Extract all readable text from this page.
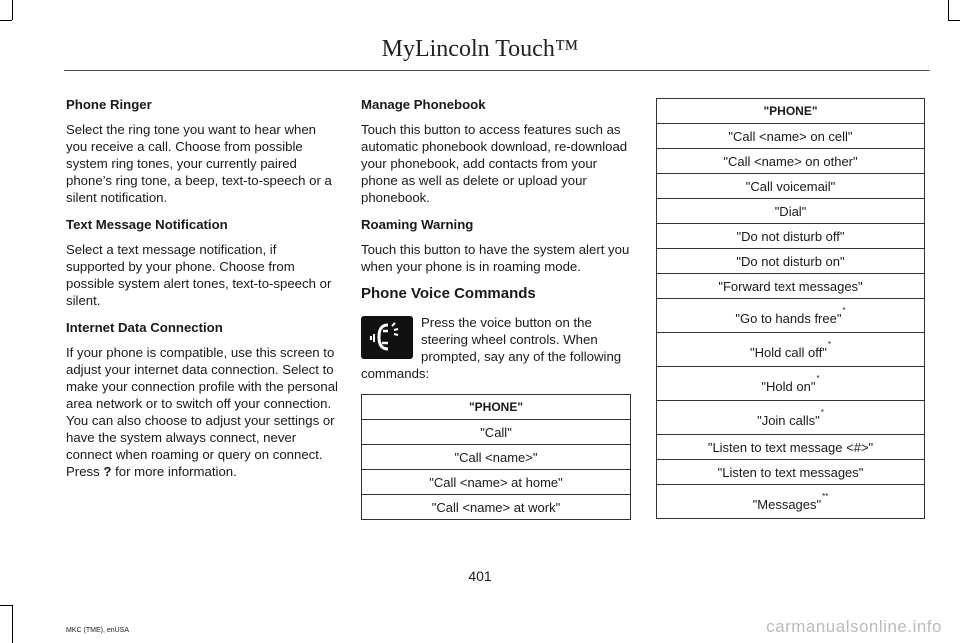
MyLincoln Touch™
Phone Ringer

Select the ring tone you want to hear when you receive a call. Choose from possible system ring tones, your currently paired phone’s ring tone, a beep, text-to-speech or a silent notification.

Text Message Notification

Select a text message notification, if supported by your phone. Choose from possible system alert tones, text-to-speech or silent.

Internet Data Connection

If your phone is compatible, use this screen to adjust your internet data connection. Select to make your connection profile with the personal area network or to switch off your connection. You can also choose to adjust your settings or have the system always connect, never connect when roaming or query on connect. Press ? for more information.

Manage Phonebook

Touch this button to access features such as automatic phonebook download, re-download your phonebook, add contacts from your phone as well as delete or upload your phonebook.

Roaming Warning

Touch this button to have the system alert you when your phone is in roaming mode.

Phone Voice Commands
Press the voice button on the steering wheel controls. When prompted, say any of the following
commands:
"PHONE"
"Call"
"Call <name>"
"Call <name> at home"
"Call <name> at work"
"PHONE"
"Call <name> on cell"
"Call <name> on other"
"Call voicemail"
"Dial"
"Do not disturb off"
"Do not disturb on"
"Forward text messages"
"Go to hands free"*
"Hold call off"*
"Hold on"*
"Join calls"*
"Listen to text message <#>"
"Listen to text messages"
"Messages"**
401
MKC (TME), enUSA	carmanualsonline.info
